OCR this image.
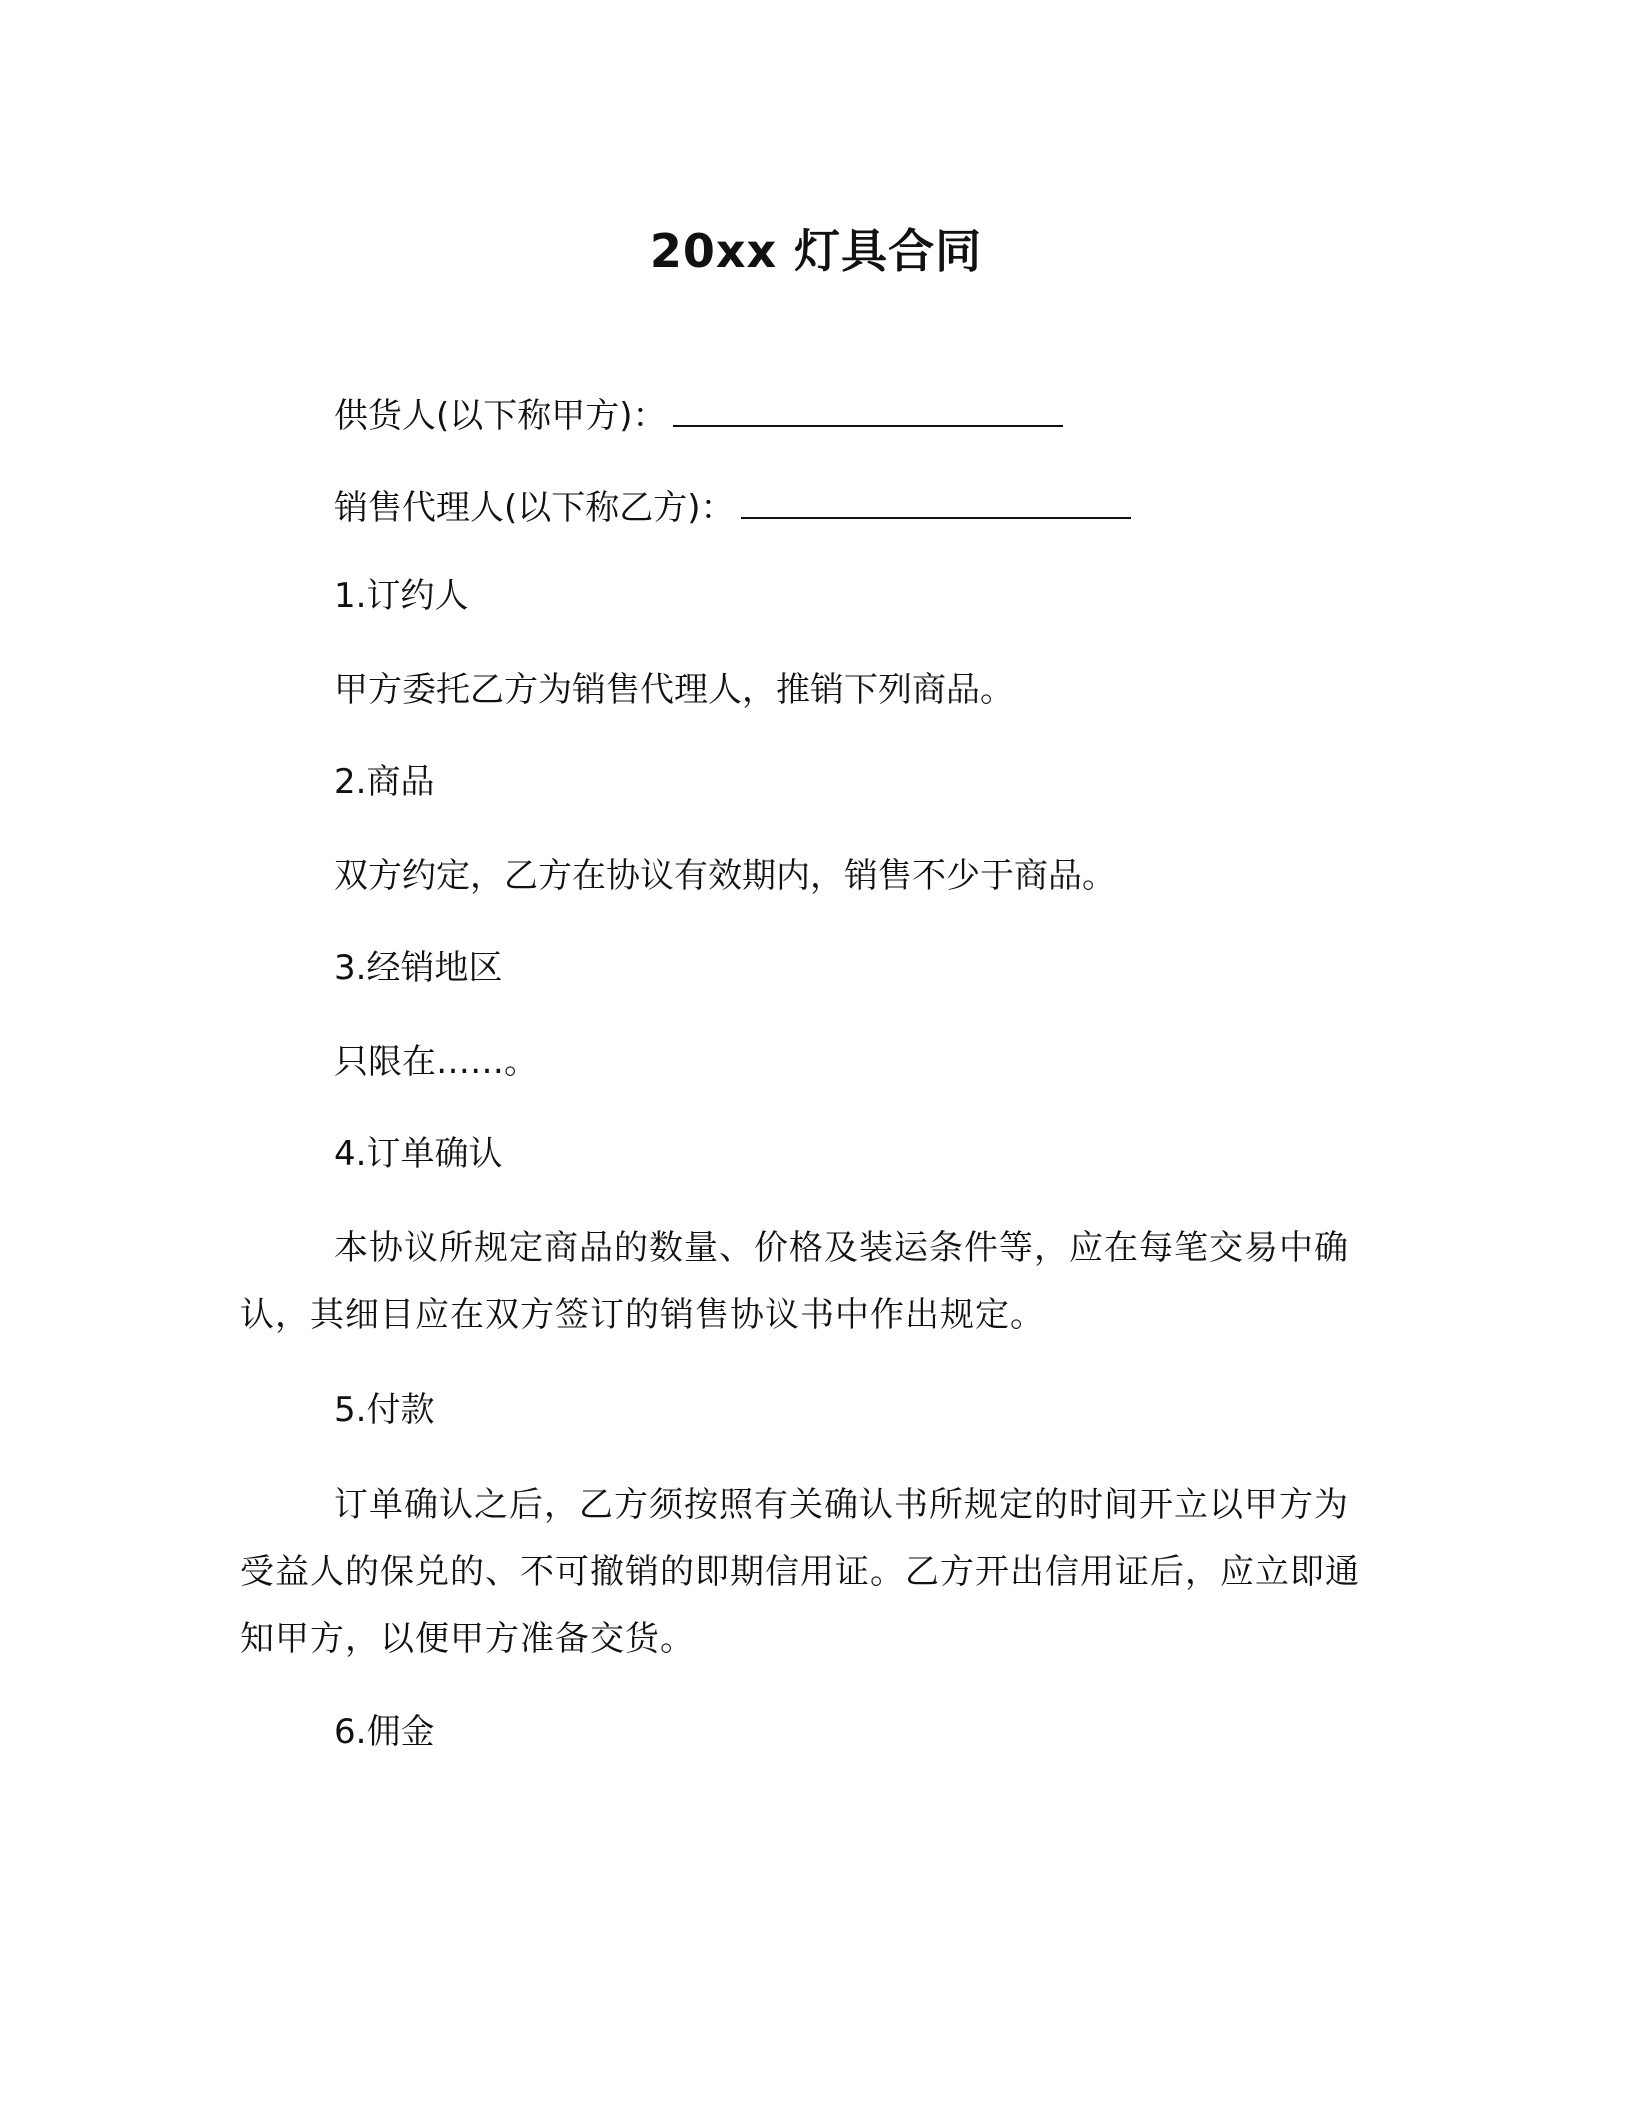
20xx 灯具合同
供货人(以下称甲方)：
销售代理人(以下称乙方)：
1.订约人
甲方委托乙方为销售代理人，推销下列商品。
2.商品
双方约定，乙方在协议有效期内，销售不少于商品。
3.经销地区
只限在……。
4.订单确认
本协议所规定商品的数量、价格及装运条件等，应在每笔交易中确认，其细目应在双方签订的销售协议书中作出规定。
5.付款
订单确认之后，乙方须按照有关确认书所规定的时间开立以甲方为受益人的保兑的、不可撤销的即期信用证。乙方开出信用证后，应立即通知甲方，以便甲方准备交货。
6.佣金
